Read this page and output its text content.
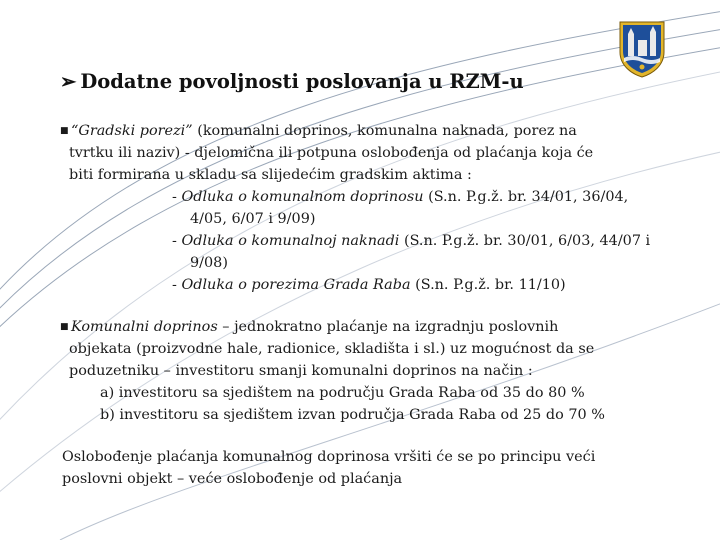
➢ Dodatne povoljnosti poslovanja u RZM-u
■ “Gradski porezi” (komunalni doprinos, komunalna naknada, porez na
tvrtku ili naziv) - djelomična ili potpuna oslobođenja od plaćanja koja će
biti formirana u skladu sa slijedećim gradskim aktima :
- Odluka o komunalnom doprinosu (S.n. P.g.ž. br. 34/01, 36/04,
4/05, 6/07 i 9/09)
- Odluka o komunalnoj naknadi (S.n. P.g.ž. br. 30/01, 6/03, 44/07 i
9/08)
- Odluka o porezima Grada Raba (S.n. P.g.ž. br. 11/10)
■ Komunalni doprinos – jednokratno plaćanje na izgradnju poslovnih
objekata (proizvodne hale, radionice, skladišta i sl.) uz mogućnost da se
poduzetniku – investitoru smanji komunalni doprinos na način :
a) investitoru sa sjedištem na području Grada Raba od 35 do 80 %
b) investitoru sa sjedištem izvan područja Grada Raba od 25 do 70 %
Oslobođenje plaćanja komunalnog doprinosa vršiti će se po principu veći
poslovni objekt – veće oslobođenje od plaćanja
